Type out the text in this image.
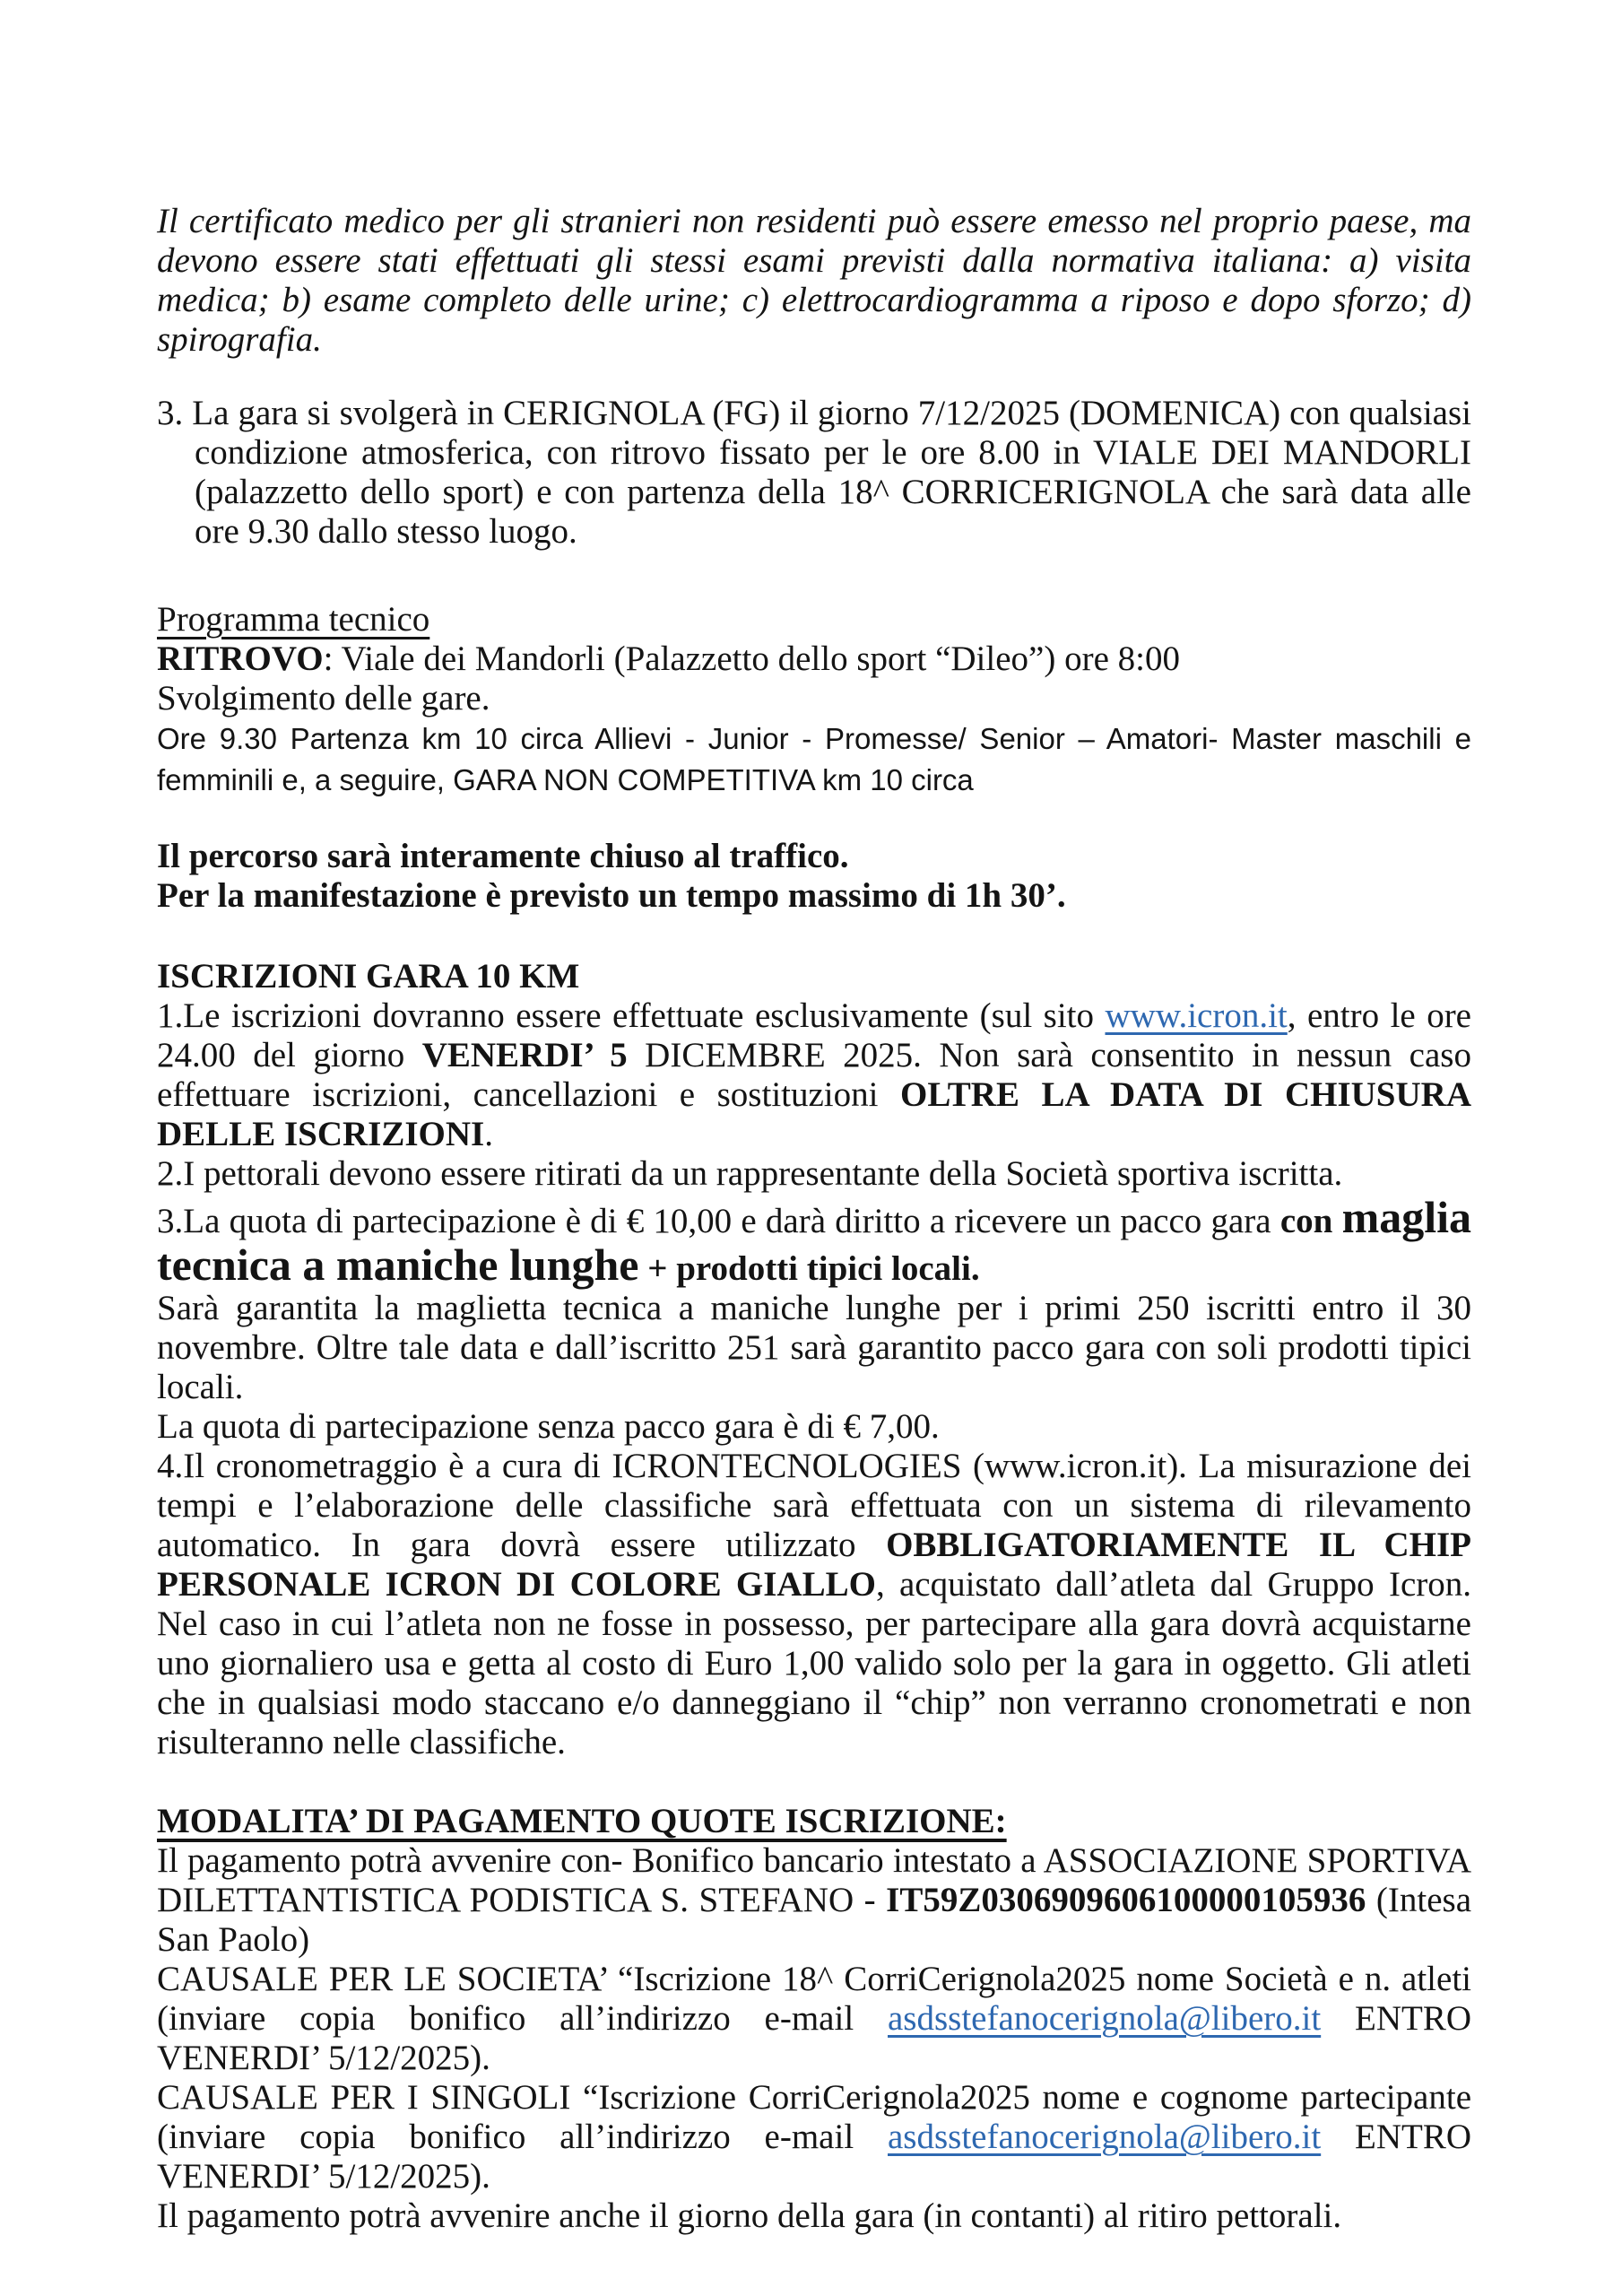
Il certificato medico per gli stranieri non residenti può essere emesso nel proprio paese, ma devono essere stati effettuati gli stessi esami previsti dalla normativa italiana: a) visita medica; b) esame completo delle urine; c) elettrocardiogramma a riposo e dopo sforzo; d) spirografia.

3. La gara si svolgerà in CERIGNOLA (FG) il giorno 7/12/2025 (DOMENICA) con qualsiasi condizione atmosferica, con ritrovo fissato per le ore 8.00 in VIALE DEI MANDORLI (palazzetto dello sport) e con partenza della 18^ CORRICERIGNOLA che sarà data alle ore 9.30 dallo stesso luogo.

Programma tecnico

RITROVO: Viale dei Mandorli (Palazzetto dello sport “Dileo”) ore 8:00

Svolgimento delle gare.

Ore 9.30 Partenza km 10 circa Allievi - Junior - Promesse/ Senior – Amatori- Master maschili e femminili e, a seguire, GARA NON COMPETITIVA km 10 circa

Il percorso sarà interamente chiuso al traffico.

Per la manifestazione è previsto un tempo massimo di 1h 30’.

ISCRIZIONI GARA 10 KM

1.Le iscrizioni dovranno essere effettuate esclusivamente (sul sito www.icron.it, entro le ore 24.00 del giorno VENERDI’ 5 DICEMBRE 2025. Non sarà consentito in nessun caso effettuare iscrizioni, cancellazioni e sostituzioni OLTRE LA DATA DI CHIUSURA DELLE ISCRIZIONI.

2.I pettorali devono essere ritirati da un rappresentante della Società sportiva iscritta.

3.La quota di partecipazione è di € 10,00 e darà diritto a ricevere un pacco gara con maglia tecnica a maniche lunghe + prodotti tipici locali.

Sarà garantita la maglietta tecnica a maniche lunghe per i primi 250 iscritti entro il 30 novembre. Oltre tale data e dall’iscritto 251 sarà garantito pacco gara con soli prodotti tipici locali.

La quota di partecipazione senza pacco gara è di € 7,00.

4.Il cronometraggio è a cura di ICRONTECNOLOGIES (www.icron.it). La misurazione dei tempi e l’elaborazione delle classifiche sarà effettuata con un sistema di rilevamento automatico. In gara dovrà essere utilizzato OBBLIGATORIAMENTE IL CHIP PERSONALE ICRON DI COLORE GIALLO, acquistato dall’atleta dal Gruppo Icron. Nel caso in cui l’atleta non ne fosse in possesso, per partecipare alla gara dovrà acquistarne uno giornaliero usa e getta al costo di Euro 1,00 valido solo per la gara in oggetto. Gli atleti che in qualsiasi modo staccano e/o danneggiano il “chip” non verranno cronometrati e non risulteranno nelle classifiche.

MODALITA’ DI PAGAMENTO QUOTE ISCRIZIONE:

Il pagamento potrà avvenire con- Bonifico bancario intestato a ASSOCIAZIONE SPORTIVA DILETTANTISTICA PODISTICA S. STEFANO - IT59Z0306909606100000105936 (Intesa San Paolo)

CAUSALE PER LE SOCIETA’ “Iscrizione 18^ CorriCerignola2025 nome Società e n. atleti (inviare copia bonifico all’indirizzo e-mail asdsstefanocerignola@libero.it ENTRO VENERDI’ 5/12/2025).

CAUSALE PER I SINGOLI “Iscrizione CorriCerignola2025 nome e cognome partecipante (inviare copia bonifico all’indirizzo e-mail asdsstefanocerignola@libero.it ENTRO VENERDI’ 5/12/2025).

Il pagamento potrà avvenire anche il giorno della gara (in contanti) al ritiro pettorali.
